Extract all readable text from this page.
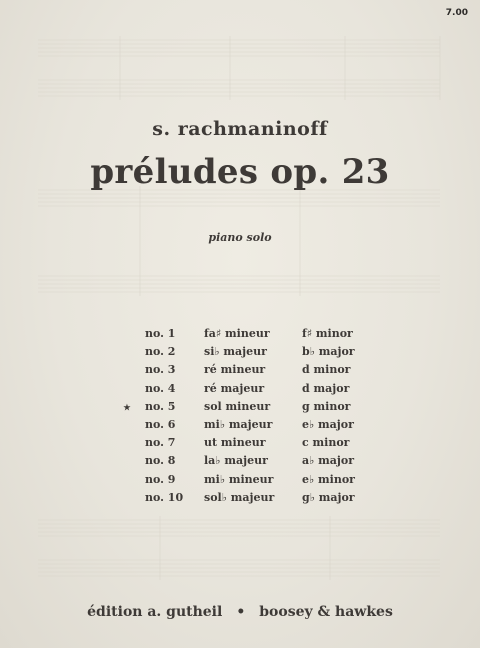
7.00
s. rachmaninoff
préludes op. 23
piano solo
no. 1	fa♯ mineur	f♯ minor
no. 2	si♭ majeur	b♭ major
no. 3	ré mineur	d minor
no. 4	ré majeur	d major
★ no. 5	sol mineur	g minor
no. 6	mi♭ majeur	e♭ major
no. 7	ut mineur	c minor
no. 8	la♭ majeur	a♭ major
no. 9	mi♭ mineur	e♭ minor
no. 10 sol♭ majeur	g♭ major
édition a. gutheil • boosey & hawkes
